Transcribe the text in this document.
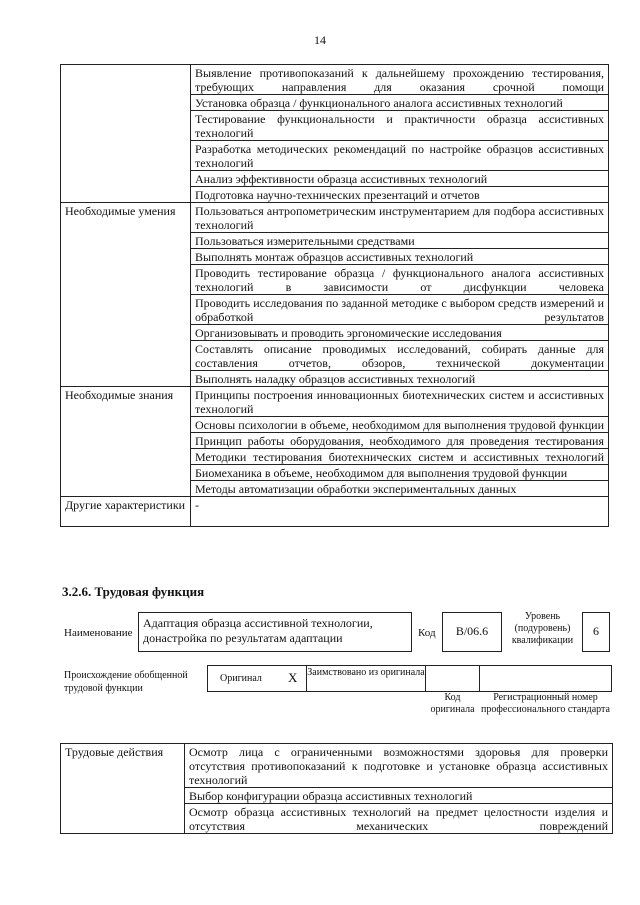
14
	Выявление противопоказаний к дальнейшему прохождению тестирования, требующих направления для оказания срочной помощи
	Установка образца / функционального аналога ассистивных технологий
	Тестирование функциональности и практичности образца ассистивных технологий
	Разработка методических рекомендаций по настройке образцов ассистивных технологий
	Анализ эффективности образца ассистивных технологий
	Подготовка научно-технических презентаций и отчетов
Необходимые умения	Пользоваться антропометрическим инструментарием для подбора ассистивных технологий
	Пользоваться измерительными средствами
	Выполнять монтаж образцов ассистивных технологий
	Проводить тестирование образца / функционального аналога ассистивных технологий в зависимости от дисфункции человека
	Проводить исследования по заданной методике с выбором средств измерений и обработкой результатов
	Организовывать и проводить эргономические исследования
	Составлять описание проводимых исследований, собирать данные для составления отчетов, обзоров, технической документации
	Выполнять наладку образцов ассистивных технологий
Необходимые знания	Принципы построения инновационных биотехнических систем и ассистивных технологий
	Основы психологии в объеме, необходимом для выполнения трудовой функции
	Принцип работы оборудования, необходимого для проведения тестирования
	Методики тестирования биотехнических систем и ассистивных технологий
	Биомеханика в объеме, необходимом для выполнения трудовой функции
	Методы автоматизации обработки экспериментальных данных
Другие характеристики	-
3.2.6. Трудовая функция
Наименование
Адаптация образца ассистивной технологии, донастройка по результатам адаптации	Код	B/06.6
Уровень (подуровень) квалификации
6
Происхождение обобщенной трудовой функции
Оригинал X Заимствовано из оригинала
Код оригинала
Регистрационный номер профессионального стандарта
Трудовые действия	Осмотр лица с ограниченными возможностями здоровья для проверки отсутствия противопоказаний к подготовке и установке образца ассистивных технологий
Выбор конфигурации образца ассистивных технологий
Осмотр образца ассистивных технологий на предмет целостности изделия и отсутствия механических повреждений
